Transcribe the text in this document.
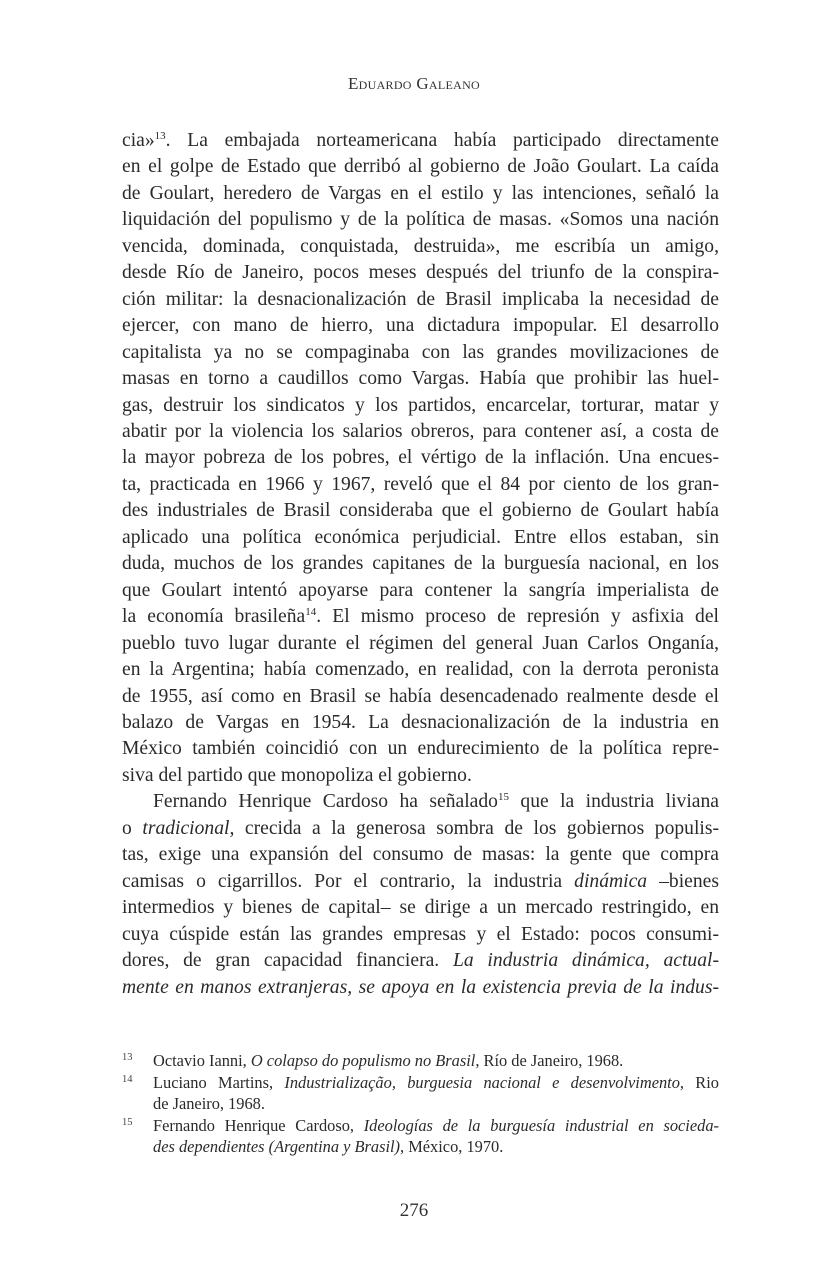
Eduardo Galeano

cia»$^{13}$. La embajada norteamericana había participado directamente
en el golpe de Estado que derribó al gobierno de João Goulart. La caída
de Goulart, heredero de Vargas en el estilo y las intenciones, señaló la
liquidación del populismo y de la política de masas. «Somos una nación
vencida, dominada, conquistada, destruida», me escribía un amigo,
desde Río de Janeiro, pocos meses después del triunfo de la conspira-
ción militar: la desnacionalización de Brasil implicaba la necesidad de
ejercer, con mano de hierro, una dictadura impopular. El desarrollo
capitalista ya no se compaginaba con las grandes movilizaciones de
masas en torno a caudillos como Vargas. Había que prohibir las huel-
gas, destruir los sindicatos y los partidos, encarcelar, torturar, matar y
abatir por la violencia los salarios obreros, para contener así, a costa de
la mayor pobreza de los pobres, el vértigo de la inflación. Una encues-
ta, practicada en 1966 y 1967, reveló que el 84 por ciento de los gran-
des industriales de Brasil consideraba que el gobierno de Goulart había
aplicado una política económica perjudicial. Entre ellos estaban, sin
duda, muchos de los grandes capitanes de la burguesía nacional, en los
que Goulart intentó apoyarse para contener la sangría imperialista de
la economía brasileña$^{14}$. El mismo proceso de represión y asfixia del
pueblo tuvo lugar durante el régimen del general Juan Carlos Onganía,
en la Argentina; había comenzado, en realidad, con la derrota peronista
de 1955, así como en Brasil se había desencadenado realmente desde el
balazo de Vargas en 1954. La desnacionalización de la industria en
México también coincidió con un endurecimiento de la política repre-
siva del partido que monopoliza el gobierno.

Fernando Henrique Cardoso ha señalado$^{15}$ que la industria liviana
o tradicional, crecida a la generosa sombra de los gobiernos populis-
tas, exige una expansión del consumo de masas: la gente que compra
camisas o cigarrillos. Por el contrario, la industria dinámica –bienes
intermedios y bienes de capital– se dirige a un mercado restringido, en
cuya cúspide están las grandes empresas y el Estado: pocos consumi-
dores, de gran capacidad financiera. La industria dinámica, actual-
mente en manos extranjeras, se apoya en la existencia previa de la indus-

13	Octavio Ianni, O colapso do populismo no Brasil, Río de Janeiro, 1968.
14	Luciano Martins, Industrialização, burguesia nacional e desenvolvimento, Rio
de Janeiro, 1968.
15	Fernando Henrique Cardoso, Ideologías de la burguesía industrial en socieda-
des dependientes (Argentina y Brasil), México, 1970.
276
